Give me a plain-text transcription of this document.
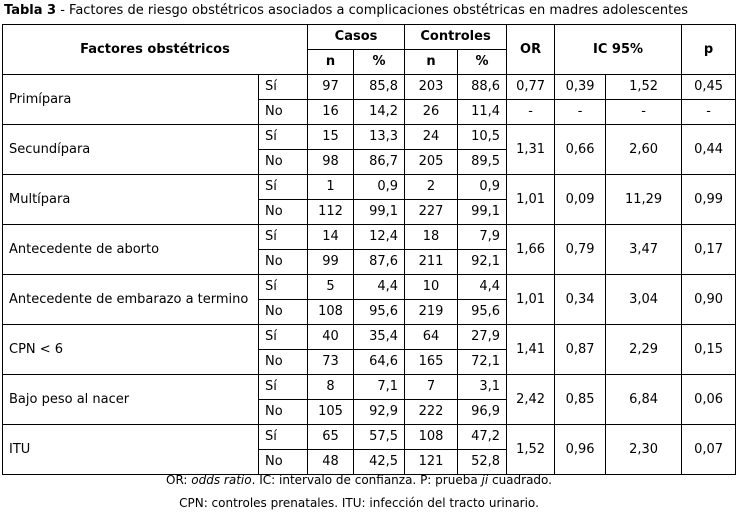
Tabla 3 - Factores de riesgo obstétricos asociados a complicaciones obstétricas en madres adolescentes
Factores obstétricos		Casos		Controles		OR	IC 95%		p
		n	%	n	%				
Primípara	Sí	97	85,8	203	88,6	0,77	0,39	1,52	0,45
	No	16	14,2	26	11,4	-	-	-	-
Secundípara	Sí	15	13,3	24	10,5	1,31	0,66	2,60	0,44
	No	98	86,7	205	89,5				
Multípara	Sí	1	0,9	2	0,9	1,01	0,09	11,29	0,99
	No	112	99,1	227	99,1				
Antecedente de aborto	Sí	14	12,4	18	7,9	1,66	0,79	3,47	0,17
	No	99	87,6	211	92,1				
Antecedente de embarazo a termino	Sí	5	4,4	10	4,4	1,01	0,34	3,04	0,90
	No	108	95,6	219	95,6				
CPN < 6	Sí	40	35,4	64	27,9	1,41	0,87	2,29	0,15
	No	73	64,6	165	72,1				
Bajo peso al nacer	Sí	8	7,1	7	3,1	2,42	0,85	6,84	0,06
	No	105	92,9	222	96,9				
ITU	Sí	65	57,5	108	47,2	1,52	0,96	2,30	0,07
	No	48	42,5	121	52,8				
OR: odds ratio. IC: intervalo de confianza. P: prueba ji cuadrado.
CPN: controles prenatales. ITU: infección del tracto urinario.
